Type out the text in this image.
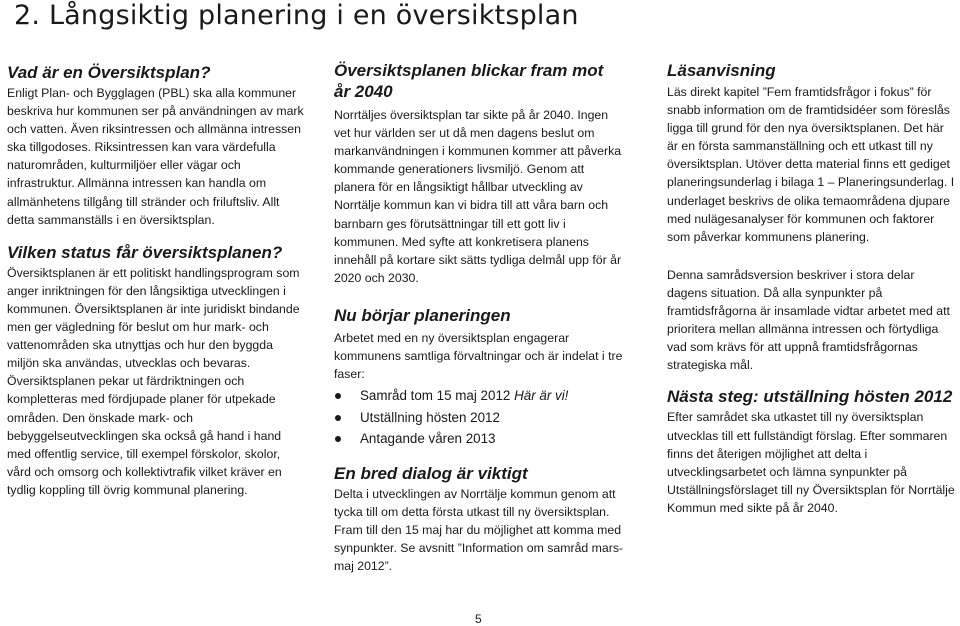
2. Långsiktig planering i en översiktsplan
Vad är en Översiktsplan?

Enligt Plan- och Bygglagen (PBL) ska alla kommuner beskriva hur kommunen ser på användningen av mark och vatten. Även riksintressen och allmänna intressen ska tillgodoses. Riksintressen kan vara värdefulla naturområden, kulturmiljöer eller vägar och infrastruktur. Allmänna intressen kan handla om allmänhetens tillgång till stränder och friluftsliv. Allt detta sammanställs i en översiktsplan.

Vilken status får översiktsplanen?

Översiktsplanen är ett politiskt handlingsprogram som anger inriktningen för den långsiktiga utvecklingen i kommunen. Översiktsplanen är inte juridiskt bindande men ger vägledning för beslut om hur mark- och vattenområden ska utnyttjas och hur den byggda miljön ska användas, utvecklas och bevaras. Översiktsplanen pekar ut färdriktningen och kompletteras med fördjupade planer för utpekade områden. Den önskade mark- och bebyggelseutvecklingen ska också gå hand i hand med offentlig service, till exempel förskolor, skolor, vård och omsorg och kollektivtrafik vilket kräver en tydlig koppling till övrig kommunal planering.

Översiktsplanen blickar fram mot år 2040

Norrtäljes översiktsplan tar sikte på år 2040. Ingen vet hur världen ser ut då men dagens beslut om markanvändningen i kommunen kommer att påverka kommande generationers livsmiljö. Genom att planera för en långsiktigt hållbar utveckling av Norrtälje kommun kan vi bidra till att våra barn och barnbarn ges förutsättningar till ett gott liv i kommunen. Med syfte att konkretisera planens innehåll på kortare sikt sätts tydliga delmål upp för år 2020 och 2030.

Nu börjar planeringen

Arbetet med en ny översiktsplan engagerar kommunens samtliga förvaltningar och är indelat i tre faser:

Samråd tom 15 maj 2012 Här är vi!
Utställning hösten 2012
Antagande våren 2013
En bred dialog är viktigt

Delta i utvecklingen av Norrtälje kommun genom att tycka till om detta första utkast till ny översiktsplan. Fram till den 15 maj har du möjlighet att komma med synpunkter. Se avsnitt ”Information om samråd mars-maj 2012”.

Läsanvisning

Läs direkt kapitel ”Fem framtidsfrågor i fokus” för snabb information om de framtidsidéer som föreslås ligga till grund för den nya översiktsplanen. Det här är en första sammanställning och ett utkast till ny översiktsplan. Utöver detta material finns ett gediget planeringsunderlag i bilaga 1 – Planeringsunderlag. I underlaget beskrivs de olika temaområdena djupare med nulägesanalyser för kommunen och faktorer som påverkar kommunens planering.

Denna samrådsversion beskriver i stora delar dagens situation. Då alla synpunkter på framtidsfrågorna är insamlade vidtar arbetet med att prioritera mellan allmänna intressen och förtydliga vad som krävs för att uppnå framtidsfrågornas strategiska mål.

Nästa steg: utställning hösten 2012

Efter samrådet ska utkastet till ny översiktsplan utvecklas till ett fullständigt förslag. Efter sommaren finns det återigen möjlighet att delta i utvecklingsarbetet och lämna synpunkter på Utställningsförslaget till ny Översiktsplan för Norrtälje Kommun med sikte på år 2040.

5
